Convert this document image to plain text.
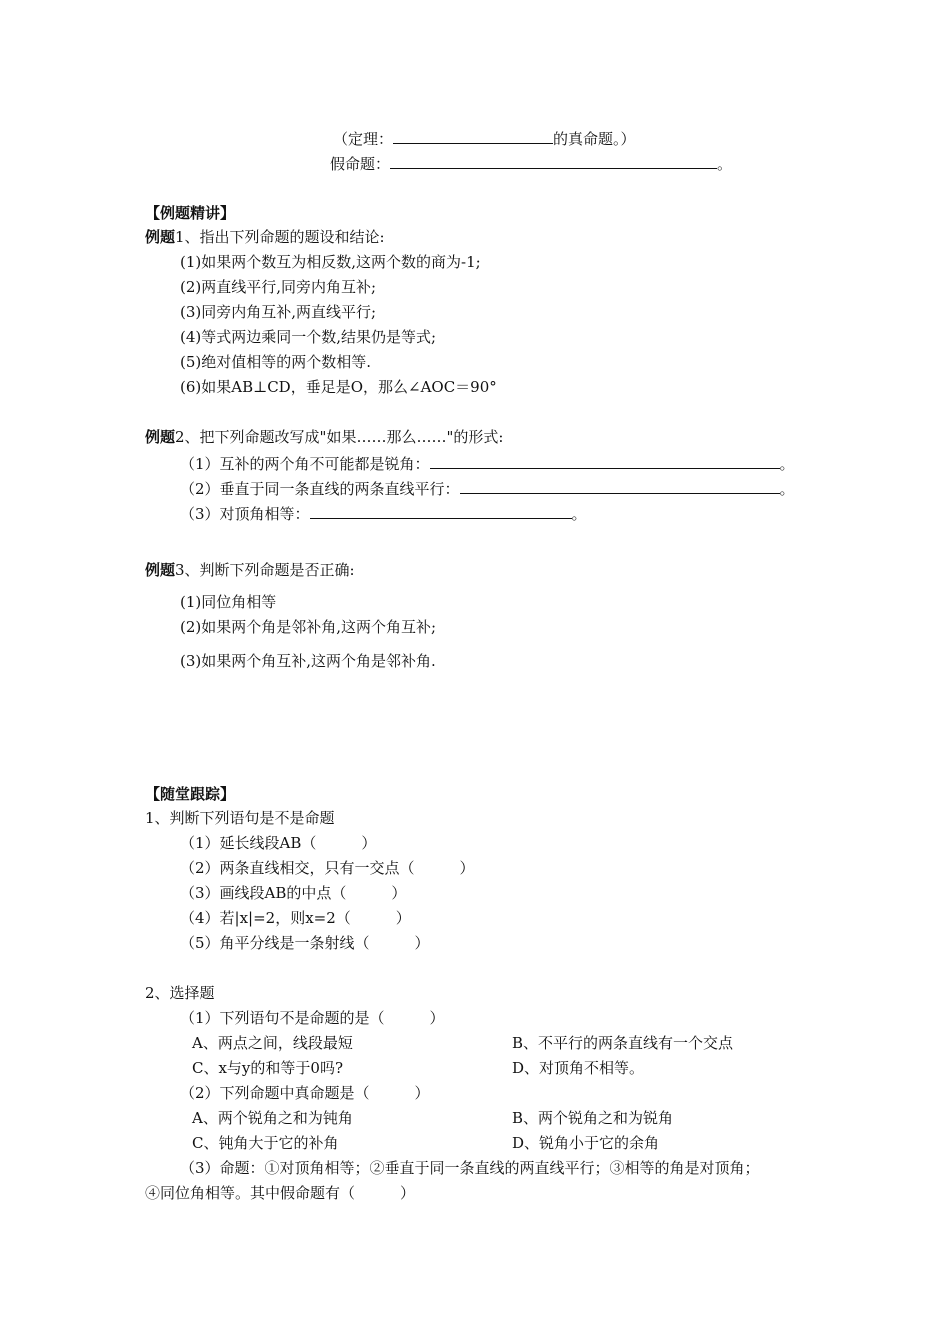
（定理：	的真命题。）
假命题：	。
【例题精讲】
例题1、指出下列命题的题设和结论:
(1)如果两个数互为相反数,这两个数的商为-1;
(2)两直线平行,同旁内角互补;
(3)同旁内角互补,两直线平行;
(4)等式两边乘同一个数,结果仍是等式;
(5)绝对值相等的两个数相等.
(6)如果AB⊥CD，垂足是O，那么∠AOC＝90°
例题2、把下列命题改写成"如果……那么……"的形式:
（1）互补的两个角不可能都是锐角：	。
（2）垂直于同一条直线的两条直线平行：	。
（3）对顶角相等：	。
例题3、判断下列命题是否正确:
(1)同位角相等
(2)如果两个角是邻补角,这两个角互补;
(3)如果两个角互补,这两个角是邻补角.
【随堂跟踪】
1、判断下列语句是不是命题
（1）延长线段AB（　　　）
（2）两条直线相交，只有一交点（　　　）
（3）画线段AB的中点（　　　）
（4）若|x|=2，则x=2（　　　）
（5）角平分线是一条射线（　　　）
2、选择题
（1）下列语句不是命题的是（　　　）
A、两点之间，线段最短	B、不平行的两条直线有一个交点
C、x与y的和等于0吗?	D、对顶角不相等。
（2）下列命题中真命题是（　　　）
A、两个锐角之和为钝角	B、两个锐角之和为锐角
C、钝角大于它的补角	D、锐角小于它的余角
（3）命题：①对顶角相等；②垂直于同一条直线的两直线平行；③相等的角是对顶角；
④同位角相等。其中假命题有（　　　）
